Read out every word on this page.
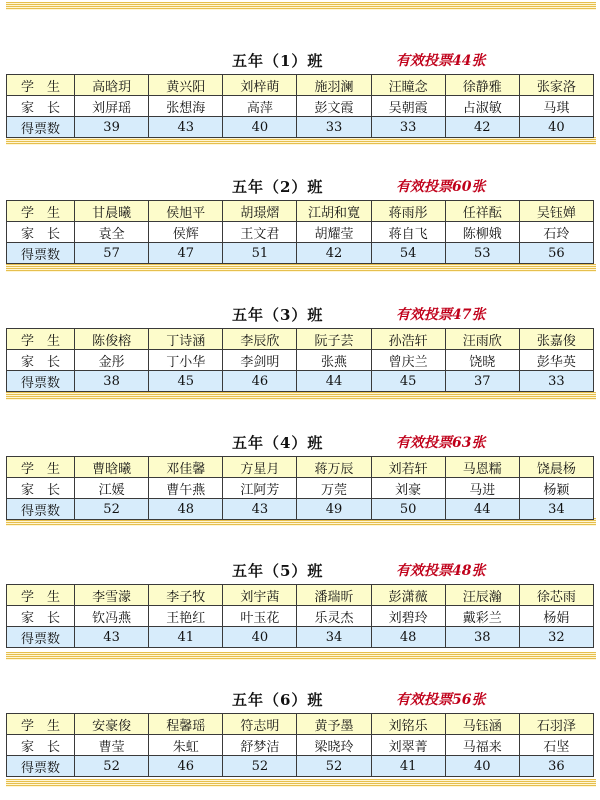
五年（1）班	有效投票44张
学　生	高晗玥	黄兴阳	刘梓萌	施羽澜	汪瞳念	徐静雅	张家洛
家　长	刘屏瑶	张想海	高萍	彭文霞	吴朝霞	占淑敏	马琪
得票数	39	43	40	33	33	42	40
五年（2）班	有效投票60张
学　生	甘晨曦	侯旭平	胡璟熠	江胡和寛	蒋雨彤	任祥酝	吴钰婵
家　长	袁全	侯辉	王文君	胡耀莹	蒋自飞	陈柳娥	石玲
得票数	57	47	51	42	54	53	56
五年（3）班	有效投票47张
学　生	陈俊榕	丁诗涵	李辰欣	阮子芸	孙浩轩	汪雨欣	张嘉俊
家　长	金彤	丁小华	李剑明	张燕	曾庆兰	饶晓	彭华英
得票数	38	45	46	44	45	37	33
五年（4）班	有效投票63张
学　生	曹晗曦	邓佳馨	方星月	蒋万辰	刘若轩	马恩糯	饶晨杨
家　长	江媛	曹午燕	江阿芳	万莞	刘豪	马进	杨颖
得票数	52	48	43	49	50	44	34
五年（5）班	有效投票48张
学　生	李雪濛	李子牧	刘宇茜	潘瑞昕	彭潇薇	汪辰瀚	徐芯雨
家　长	钦冯燕	王艳红	叶玉花	乐灵杰	刘碧玲	戴彩兰	杨娟
得票数	43	41	40	34	48	38	32
五年（6）班	有效投票56张
学　生	安豪俊	程馨瑶	符志明	黄予墨	刘铭乐	马钰涵	石羽泽
家　长	曹莹	朱虹	舒梦洁	梁晓玲	刘翠菁	马福来	石坚
得票数	52	46	52	52	41	40	36
